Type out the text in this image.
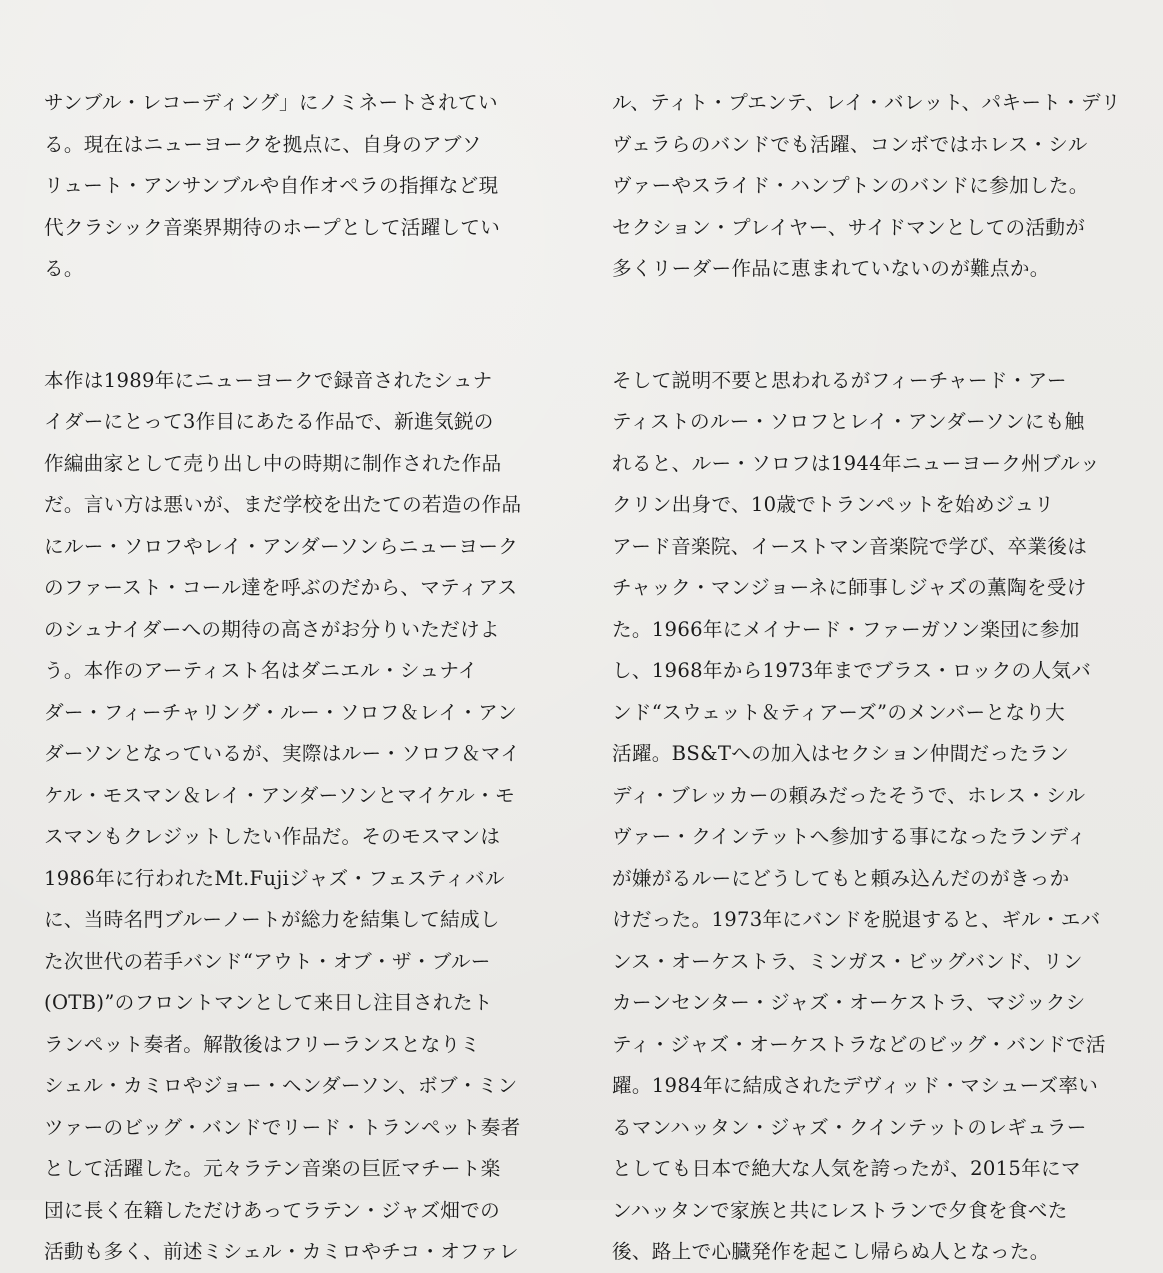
サンブル・レコーディング」にノミネートされてい
る。現在はニューヨークを拠点に、自身のアブソ
リュート・アンサンブルや自作オペラの指揮など現
代クラシック音楽界期待のホープとして活躍してい
る。
本作は1989年にニューヨークで録音されたシュナ
イダーにとって3作目にあたる作品で、新進気鋭の
作編曲家として売り出し中の時期に制作された作品
だ。言い方は悪いが、まだ学校を出たての若造の作品
にルー・ソロフやレイ・アンダーソンらニューヨーク
のファースト・コール達を呼ぶのだから、マティアス
のシュナイダーへの期待の高さがお分りいただけよ
う。本作のアーティスト名はダニエル・シュナイ
ダー・フィーチャリング・ルー・ソロフ＆レイ・アン
ダーソンとなっているが、実際はルー・ソロフ＆マイ
ケル・モスマン＆レイ・アンダーソンとマイケル・モ
スマンもクレジットしたい作品だ。そのモスマンは
1986年に行われたMt.Fujiジャズ・フェスティバル
に、当時名門ブルーノートが総力を結集して結成し
た次世代の若手バンド“アウト・オブ・ザ・ブルー
(OTB)”のフロントマンとして来日し注目されたト
ランペット奏者。解散後はフリーランスとなりミ
シェル・カミロやジョー・ヘンダーソン、ボブ・ミン
ツァーのビッグ・バンドでリード・トランペット奏者
として活躍した。元々ラテン音楽の巨匠マチート楽
団に長く在籍しただけあってラテン・ジャズ畑での
活動も多く、前述ミシェル・カミロやチコ・オファレ
ル、ティト・プエンテ、レイ・バレット、パキート・デリ
ヴェラらのバンドでも活躍、コンボではホレス・シル
ヴァーやスライド・ハンプトンのバンドに参加した。
セクション・プレイヤー、サイドマンとしての活動が
多くリーダー作品に恵まれていないのが難点か。
そして説明不要と思われるがフィーチャード・アー
ティストのルー・ソロフとレイ・アンダーソンにも触
れると、ルー・ソロフは1944年ニューヨーク州ブルッ
クリン出身で、10歳でトランペットを始めジュリ
アード音楽院、イーストマン音楽院で学び、卒業後は
チャック・マンジョーネに師事しジャズの薫陶を受け
た。1966年にメイナード・ファーガソン楽団に参加
し、1968年から1973年までブラス・ロックの人気バ
ンド“スウェット＆ティアーズ”のメンバーとなり大
活躍。BS&Tへの加入はセクション仲間だったラン
ディ・ブレッカーの頼みだったそうで、ホレス・シル
ヴァー・クインテットへ参加する事になったランディ
が嫌がるルーにどうしてもと頼み込んだのがきっか
けだった。1973年にバンドを脱退すると、ギル・エバ
ンス・オーケストラ、ミンガス・ビッグバンド、リン
カーンセンター・ジャズ・オーケストラ、マジックシ
ティ・ジャズ・オーケストラなどのビッグ・バンドで活
躍。1984年に結成されたデヴィッド・マシューズ率い
るマンハッタン・ジャズ・クインテットのレギュラー
としても日本で絶大な人気を誇ったが、2015年にマ
ンハッタンで家族と共にレストランで夕食を食べた
後、路上で心臓発作を起こし帰らぬ人となった。
